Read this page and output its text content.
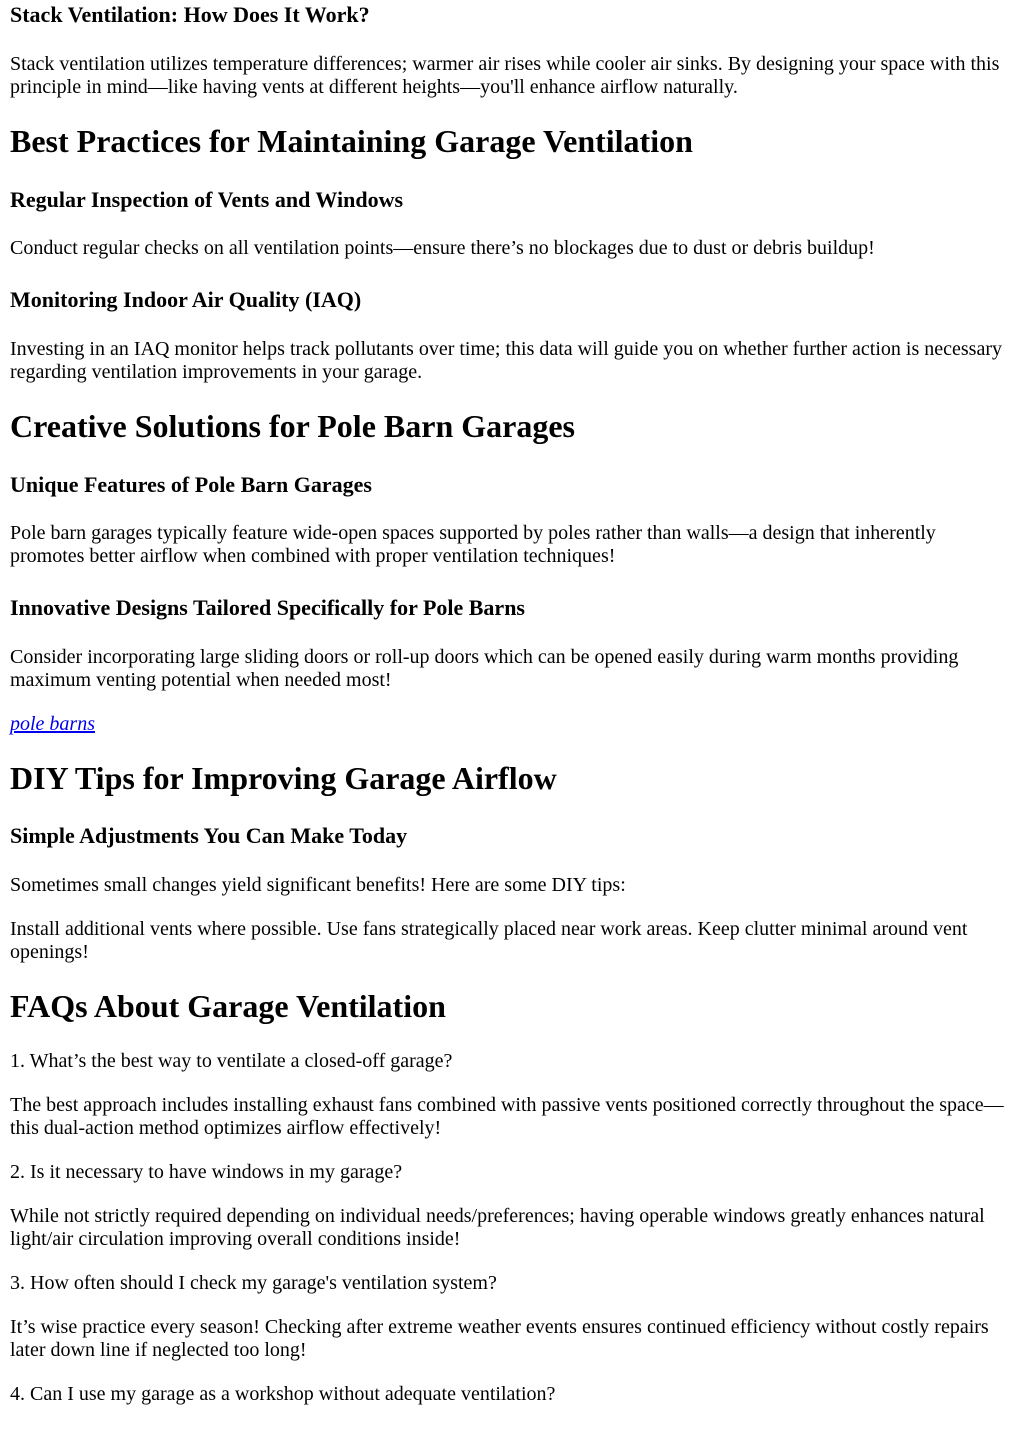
Stack Ventilation: How Does It Work?

Stack ventilation utilizes temperature differences; warmer air rises while cooler air sinks. By designing your space with this principle in mind—like having vents at different heights—you'll enhance airflow naturally.

Best Practices for Maintaining Garage Ventilation
Regular Inspection of Vents and Windows

Conduct regular checks on all ventilation points—ensure there’s no blockages due to dust or debris buildup!

Monitoring Indoor Air Quality (IAQ)

Investing in an IAQ monitor helps track pollutants over time; this data will guide you on whether further action is necessary regarding ventilation improvements in your garage.

Creative Solutions for Pole Barn Garages
Unique Features of Pole Barn Garages

Pole barn garages typically feature wide-open spaces supported by poles rather than walls—a design that inherently promotes better airflow when combined with proper ventilation techniques!

Innovative Designs Tailored Specifically for Pole Barns

Consider incorporating large sliding doors or roll-up doors which can be opened easily during warm months providing maximum venting potential when needed most!

pole barns
DIY Tips for Improving Garage Airflow
Simple Adjustments You Can Make Today

Sometimes small changes yield significant benefits! Here are some DIY tips:

Install additional vents where possible. Use fans strategically placed near work areas. Keep clutter minimal around vent openings!

FAQs About Garage Ventilation

1. What’s the best way to ventilate a closed-off garage?

The best approach includes installing exhaust fans combined with passive vents positioned correctly throughout the space—this dual-action method optimizes airflow effectively!

2. Is it necessary to have windows in my garage?

While not strictly required depending on individual needs/preferences; having operable windows greatly enhances natural light/air circulation improving overall conditions inside!

3. How often should I check my garage's ventilation system?

It’s wise practice every season! Checking after extreme weather events ensures continued efficiency without costly repairs later down line if neglected too long!

4. Can I use my garage as a workshop without adequate ventilation?
